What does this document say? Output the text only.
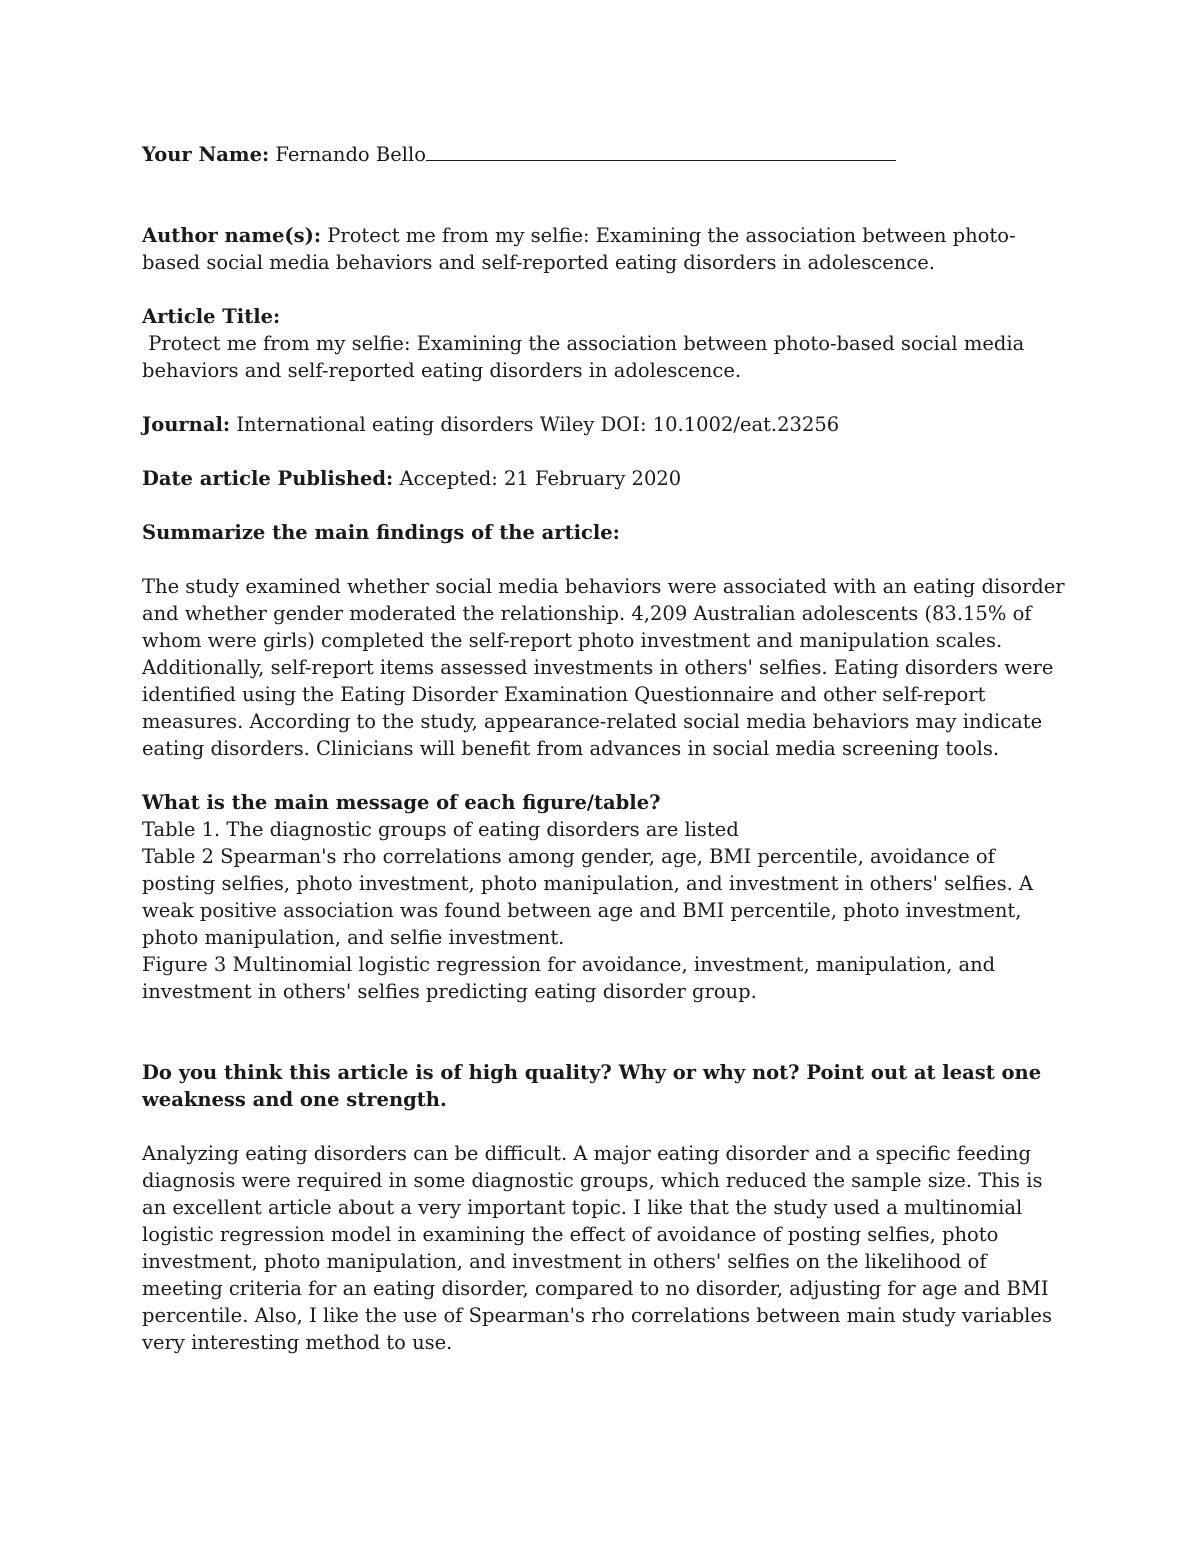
Your Name: Fernando Bello

Author name(s): Protect me from my selfie: Examining the association between photo-based social media behaviors and self-reported eating disorders in adolescence.

Article Title:
Protect me from my selfie: Examining the association between photo-based social media behaviors and self-reported eating disorders in adolescence.

Journal: International eating disorders Wiley DOI: 10.1002/eat.23256

Date article Published: Accepted: 21 February 2020

Summarize the main findings of the article:

The study examined whether social media behaviors were associated with an eating disorder and whether gender moderated the relationship. 4,209 Australian adolescents (83.15% of whom were girls) completed the self-report photo investment and manipulation scales. Additionally, self-report items assessed investments in others' selfies. Eating disorders were identified using the Eating Disorder Examination Questionnaire and other self-report measures. According to the study, appearance-related social media behaviors may indicate eating disorders. Clinicians will benefit from advances in social media screening tools.

What is the main message of each figure/table?

Table 1. The diagnostic groups of eating disorders are listed

Table 2 Spearman's rho correlations among gender, age, BMI percentile, avoidance of posting selfies, photo investment, photo manipulation, and investment in others' selfies. A weak positive association was found between age and BMI percentile, photo investment, photo manipulation, and selfie investment.

Figure 3 Multinomial logistic regression for avoidance, investment, manipulation, and investment in others' selfies predicting eating disorder group.

Do you think this article is of high quality? Why or why not? Point out at least one weakness and one strength.

Analyzing eating disorders can be difficult. A major eating disorder and a specific feeding diagnosis were required in some diagnostic groups, which reduced the sample size. This is an excellent article about a very important topic. I like that the study used a multinomial logistic regression model in examining the effect of avoidance of posting selfies, photo investment, photo manipulation, and investment in others' selfies on the likelihood of meeting criteria for an eating disorder, compared to no disorder, adjusting for age and BMI percentile. Also, I like the use of Spearman's rho correlations between main study variables very interesting method to use.
